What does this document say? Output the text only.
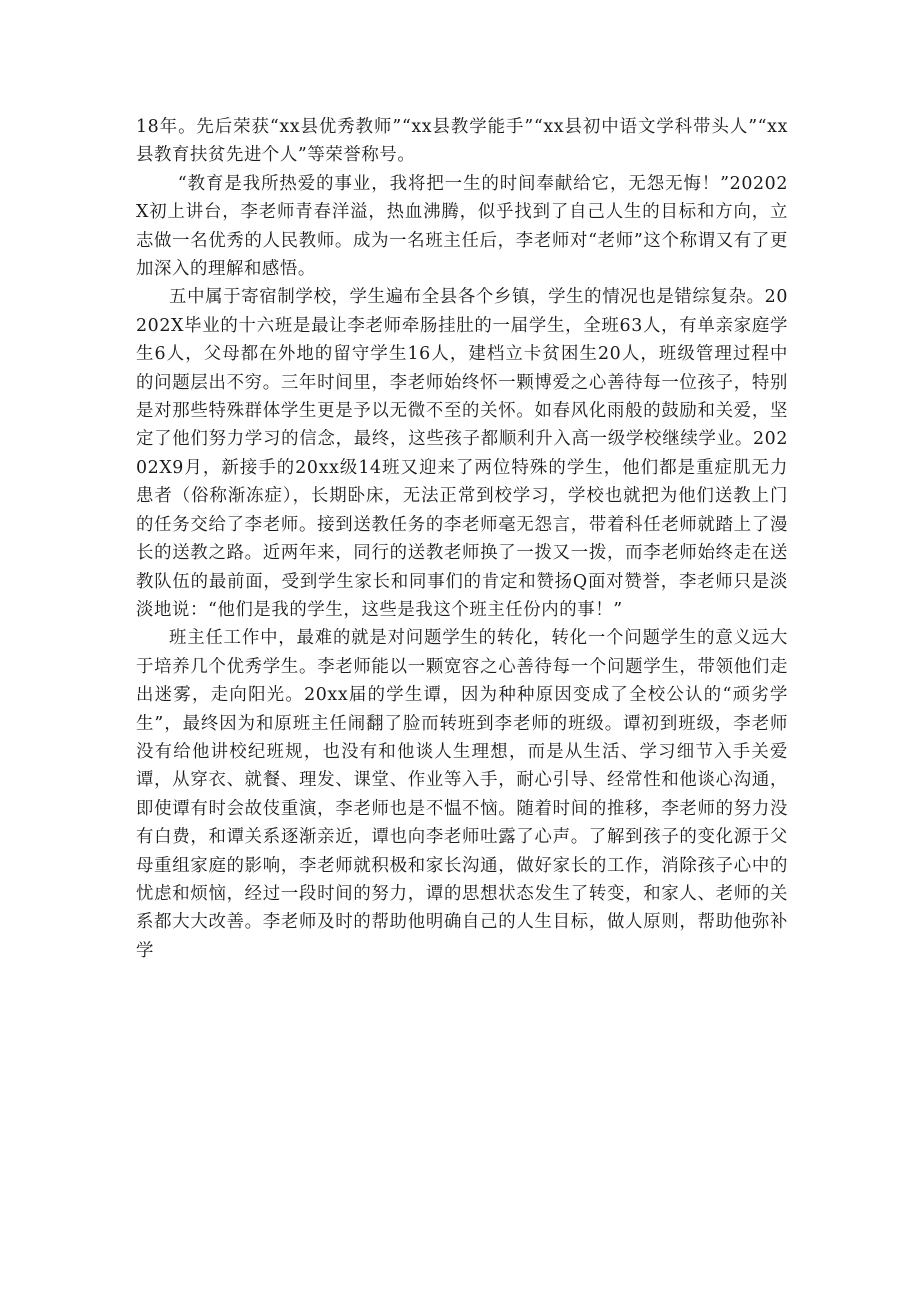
18年。先后荣获“xx县优秀教师”“xx县教学能手”“xx县初中语文学科带头人”“xx县教育扶贫先进个人”等荣誉称号。

“教育是我所热爱的事业，我将把一生的时间奉献给它，无怨无悔！”20202X初上讲台，李老师青春洋溢，热血沸腾，似乎找到了自己人生的目标和方向，立志做一名优秀的人民教师。成为一名班主任后，李老师对“老师”这个称谓又有了更加深入的理解和感悟。

五中属于寄宿制学校，学生遍布全县各个乡镇，学生的情况也是错综复杂。20202X毕业的十六班是最让李老师牵肠挂肚的一届学生，全班63人，有单亲家庭学生6人，父母都在外地的留守学生16人，建档立卡贫困生20人，班级管理过程中的问题层出不穷。三年时间里，李老师始终怀一颗博爱之心善待每一位孩子，特别是对那些特殊群体学生更是予以无微不至的关怀。如春风化雨般的鼓励和关爱，坚定了他们努力学习的信念，最终，这些孩子都顺利升入高一级学校继续学业。20202X9月，新接手的20xx级14班又迎来了两位特殊的学生，他们都是重症肌无力患者（俗称渐冻症），长期卧床，无法正常到校学习，学校也就把为他们送教上门的任务交给了李老师。接到送教任务的李老师毫无怨言，带着科任老师就踏上了漫长的送教之路。近两年来，同行的送教老师换了一拨又一拨，而李老师始终走在送教队伍的最前面，受到学生家长和同事们的肯定和赞扬Q面对赞誉，李老师只是淡淡地说：“他们是我的学生，这些是我这个班主任份内的事！”

班主任工作中，最难的就是对问题学生的转化，转化一个问题学生的意义远大于培养几个优秀学生。李老师能以一颗宽容之心善待每一个问题学生，带领他们走出迷雾，走向阳光。20xx届的学生谭，因为种种原因变成了全校公认的“顽劣学生”，最终因为和原班主任闹翻了脸而转班到李老师的班级。谭初到班级，李老师没有给他讲校纪班规，也没有和他谈人生理想，而是从生活、学习细节入手关爱谭，从穿衣、就餐、理发、课堂、作业等入手，耐心引导、经常性和他谈心沟通，即使谭有时会故伎重演，李老师也是不愠不恼。随着时间的推移，李老师的努力没有白费，和谭关系逐渐亲近，谭也向李老师吐露了心声。了解到孩子的变化源于父母重组家庭的影响，李老师就积极和家长沟通，做好家长的工作，消除孩子心中的忧虑和烦恼，经过一段时间的努力，谭的思想状态发生了转变，和家人、老师的关系都大大改善。李老师及时的帮助他明确自己的人生目标，做人原则，帮助他弥补学
